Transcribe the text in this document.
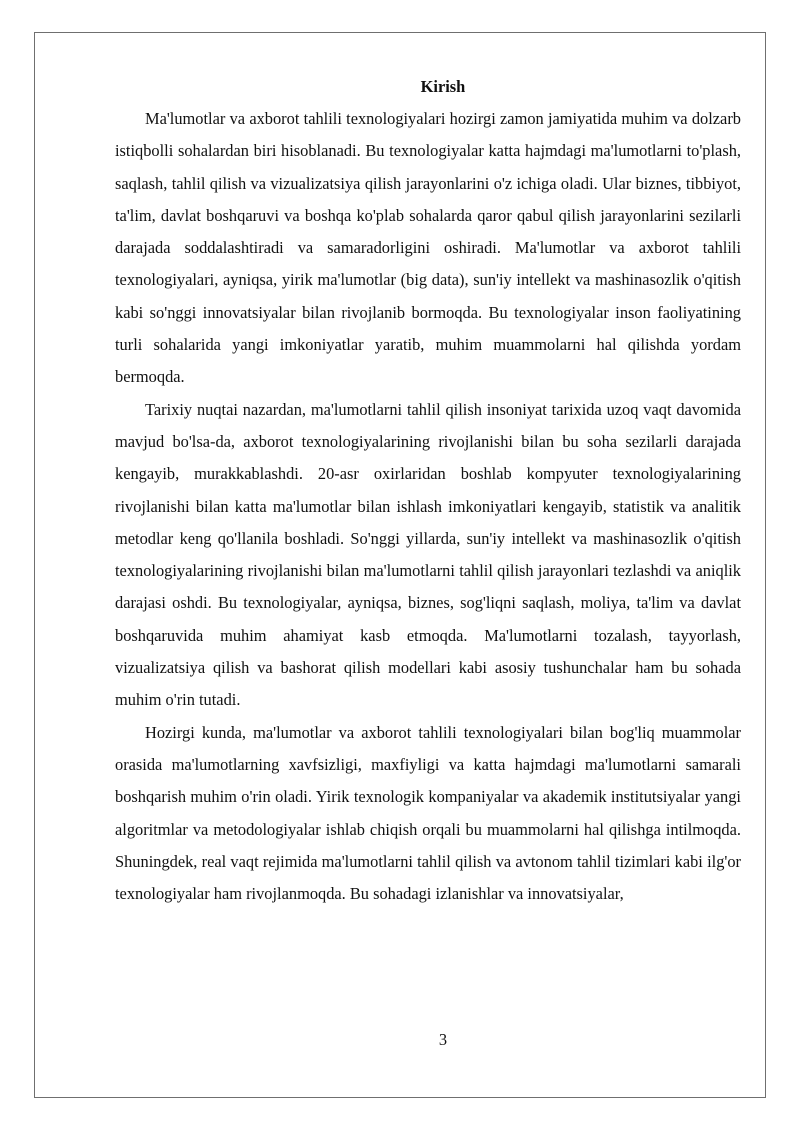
Kirish

Ma'lumotlar va axborot tahlili texnologiyalari hozirgi zamon jamiyatida muhim va dolzarb istiqbolli sohalardan biri hisoblanadi. Bu texnologiyalar katta hajmdagi ma'lumotlarni to'plash, saqlash, tahlil qilish va vizualizatsiya qilish jarayonlarini o'z ichiga oladi. Ular biznes, tibbiyot, ta'lim, davlat boshqaruvi va boshqa ko'plab sohalarda qaror qabul qilish jarayonlarini sezilarli darajada soddalashtiradi va samaradorligini oshiradi. Ma'lumotlar va axborot tahlili texnologiyalari, ayniqsa, yirik ma'lumotlar (big data), sun'iy intellekt va mashinasozlik o'qitish kabi so'nggi innovatsiyalar bilan rivojlanib bormoqda. Bu texnologiyalar inson faoliyatining turli sohalarida yangi imkoniyatlar yaratib, muhim muammolarni hal qilishda yordam bermoqda.

Tarixiy nuqtai nazardan, ma'lumotlarni tahlil qilish insoniyat tarixida uzoq vaqt davomida mavjud bo'lsa-da, axborot texnologiyalarining rivojlanishi bilan bu soha sezilarli darajada kengayib, murakkablashdi. 20-asr oxirlaridan boshlab kompyuter texnologiyalarining rivojlanishi bilan katta ma'lumotlar bilan ishlash imkoniyatlari kengayib, statistik va analitik metodlar keng qo'llanila boshladi. So'nggi yillarda, sun'iy intellekt va mashinasozlik o'qitish texnologiyalarining rivojlanishi bilan ma'lumotlarni tahlil qilish jarayonlari tezlashdi va aniqlik darajasi oshdi. Bu texnologiyalar, ayniqsa, biznes, sog'liqni saqlash, moliya, ta'lim va davlat boshqaruvida muhim ahamiyat kasb etmoqda. Ma'lumotlarni tozalash, tayyorlash, vizualizatsiya qilish va bashorat qilish modellari kabi asosiy tushunchalar ham bu sohada muhim o'rin tutadi.

Hozirgi kunda, ma'lumotlar va axborot tahlili texnologiyalari bilan bog'liq muammolar orasida ma'lumotlarning xavfsizligi, maxfiyligi va katta hajmdagi ma'lumotlarni samarali boshqarish muhim o'rin oladi. Yirik texnologik kompaniyalar va akademik institutsiyalar yangi algoritmlar va metodologiyalar ishlab chiqish orqali bu muammolarni hal qilishga intilmoqda. Shuningdek, real vaqt rejimida ma'lumotlarni tahlil qilish va avtonom tahlil tizimlari kabi ilg'or texnologiyalar ham rivojlanmoqda. Bu sohadagi izlanishlar va innovatsiyalar,

3
